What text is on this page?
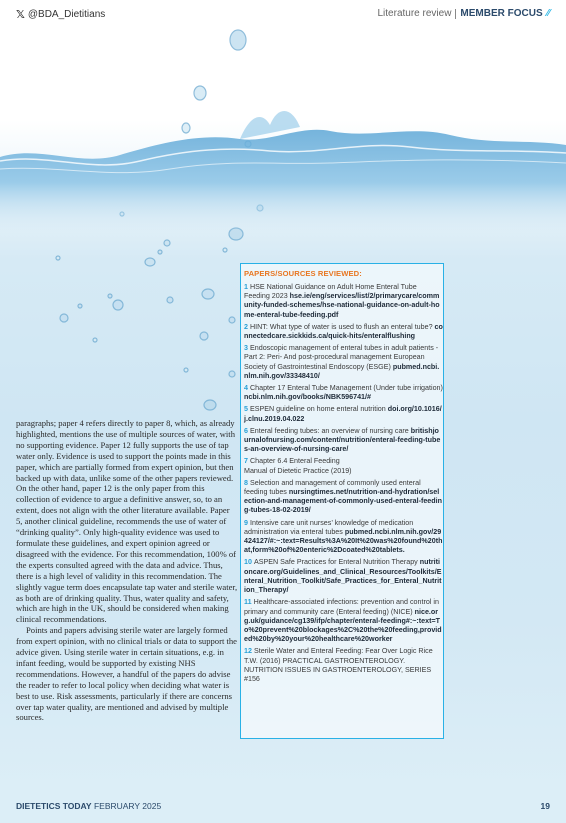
𝕏 @BDA_Dietitians	Literature review MEMBER FOCUS ⁄⁄

paragraphs; paper 4 refers directly to paper 8, which, as already highlighted, mentions the use of multiple sources of water, with no supporting evidence. Paper 12 fully supports the use of tap water only. Evidence is used to support the points made in this paper, which are partially formed from expert opinion, but then backed up with data, unlike some of the other papers reviewed. On the other hand, paper 12 is the only paper from this collection of evidence to argue a definitive answer, so, to an extent, does not align with the other literature available. Paper 5, another clinical guideline, recommends the use of water of “drinking quality”. Only high-quality evidence was used to formulate these guidelines, and expert opinion agreed or disagreed with the evidence. For this recommendation, 100% of the experts consulted agreed with the data and advice. Thus, there is a high level of validity in this recommendation. The slightly vague term does encapsulate tap water and sterile water, as both are of drinking quality. Thus, water quality and safety, which are high in the UK, should be considered when making clinical recommendations.

Points and papers advising sterile water are largely formed from expert opinion, with no clinical trials or data to support the advice given. Using sterile water in certain situations, e.g. in infant feeding, would be supported by existing NHS recommendations. However, a handful of the papers do advise the reader to refer to local policy when deciding what water is best to use. Risk assessments, particularly if there are concerns over tap water quality, are mentioned and advised by multiple sources.

PAPERS/SOURCES REVIEWED:

1 HSE National Guidance on Adult Home Enteral Tube Feeding 2023 hse.ie/eng/services/list/2/primarycare/community-funded-schemes/hse-national-guidance-on-adult-home-enteral-tube-feeding.pdf

2 HINT: What type of water is used to flush an enteral tube? connectedcare.sickkids.ca/quick-hits/enteralflushing

3 Endoscopic management of enteral tubes in adult patients - Part 2: Peri- And post-procedural management European Society of Gastrointestinal Endoscopy (ESGE) pubmed.ncbi.nlm.nih.gov/33348410/

4 Chapter 17 Enteral Tube Management (Under tube irrigation) ncbi.nlm.nih.gov/books/NBK596741/#

5 ESPEN guideline on home enteral nutrition doi.org/10.1016/j.clnu.2019.04.022

6 Enteral feeding tubes: an overview of nursing care britishjournalofnursing.com/content/nutrition/enteral-feeding-tubes-an-overview-of-nursing-care/

7 Chapter 6.4 Enteral Feeding
Manual of Dietetic Practice (2019)

8 Selection and management of commonly used enteral feeding tubes nursingtimes.net/nutrition-and-hydration/selection-and-management-of-commonly-used-enteral-feeding-tubes-18-02-2019/

9 Intensive care unit nurses’ knowledge of medication administration via enteral tubes pubmed.ncbi.nlm.nih.gov/29424127/#:~:text=Results%3A%20It%20was%20found%20that,form%20of%20enteric%2Dcoated%20tablets.

10 ASPEN Safe Practices for Enteral Nutrition Therapy nutritioncare.org/Guidelines_and_Clinical_Resources/Toolkits/Enteral_Nutrition_Toolkit/Safe_Practices_for_Enteral_Nutrition_Therapy/

11 Healthcare-associated infections: prevention and control in primary and community care (Enteral feeding) (NICE) nice.org.uk/guidance/cg139/ifp/chapter/enteral-feeding#:~:text=To%20prevent%20blockages%2C%20the%20feeding,provided%20by%20your%20healthcare%20worker

12 Sterile Water and Enteral Feeding: Fear Over Logic Rice T.W. (2016) PRACTICAL GASTROENTEROLOGY. NUTRITION ISSUES IN GASTROENTEROLOGY, SERIES #156

DIETETICS TODAY FEBRUARY 2025	19
